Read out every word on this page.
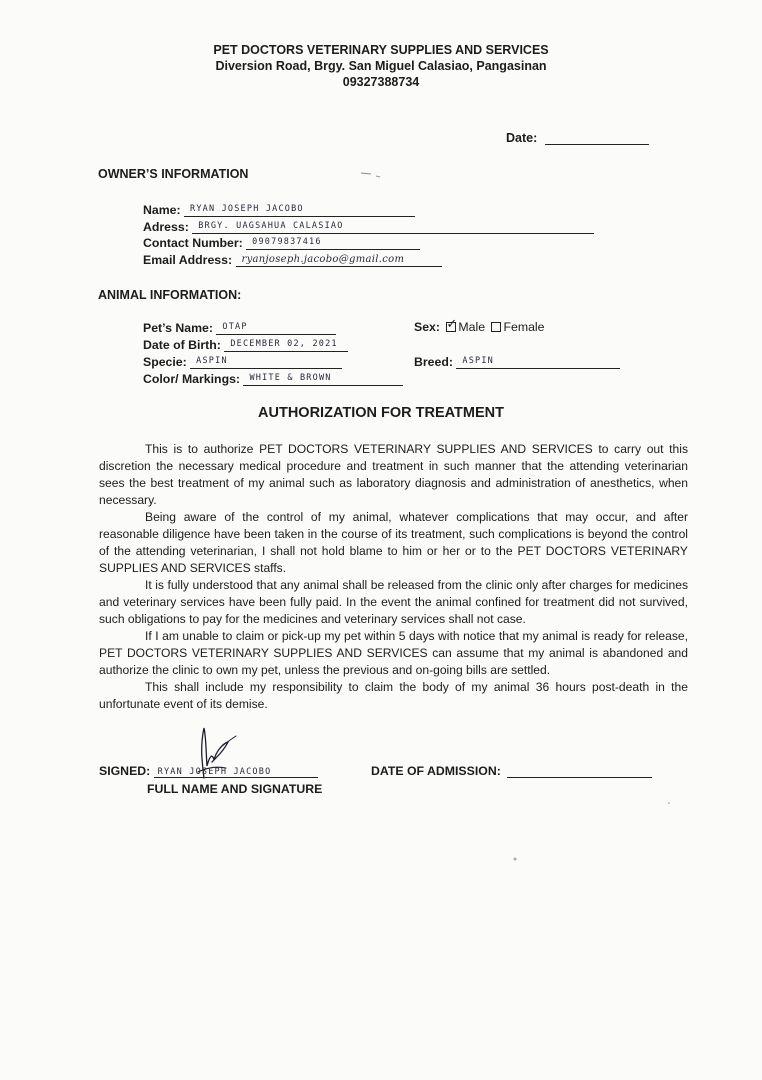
PET DOCTORS VETERINARY SUPPLIES AND SERVICES
Diversion Road, Brgy. San Miguel Calasiao, Pangasinan
09327388734
Date:
OWNER’S INFORMATION
Name: RYAN JOSEPH JACOBO
Adress: BRGY. UAGSAHUA CALASIAO
Contact Number: 09079837416
Email Address: ryanjoseph.jacobo@gmail.com
ANIMAL INFORMATION:
Pet’s Name: OTAP
Date of Birth: DECEMBER 02, 2021
Specie: ASPIN
Color/ Markings: WHITE & BROWN
Sex: ✓ Male Female
Breed: ASPIN
AUTHORIZATION FOR TREATMENT

This is to authorize PET DOCTORS VETERINARY SUPPLIES AND SERVICES to carry out this discretion the necessary medical procedure and treatment in such manner that the attending veterinarian sees the best treatment of my animal such as laboratory diagnosis and administration of anesthetics, when necessary.

Being aware of the control of my animal, whatever complications that may occur, and after reasonable diligence have been taken in the course of its treatment, such complications is beyond the control of the attending veterinarian, I shall not hold blame to him or her or to the PET DOCTORS VETERINARY SUPPLIES AND SERVICES staffs.

It is fully understood that any animal shall be released from the clinic only after charges for medicines and veterinary services have been fully paid. In the event the animal confined for treatment did not survived, such obligations to pay for the medicines and veterinary services shall not case.

If I am unable to claim or pick-up my pet within 5 days with notice that my animal is ready for release, PET DOCTORS VETERINARY SUPPLIES AND SERVICES can assume that my animal is abandoned and authorize the clinic to own my pet, unless the previous and on-going bills are settled.

This shall include my responsibility to claim the body of my animal 36 hours post-death in the unfortunate event of its demise.

SIGNED: RYAN JOSEPH JACOBO
FULL NAME AND SIGNATURE
DATE OF ADMISSION:
